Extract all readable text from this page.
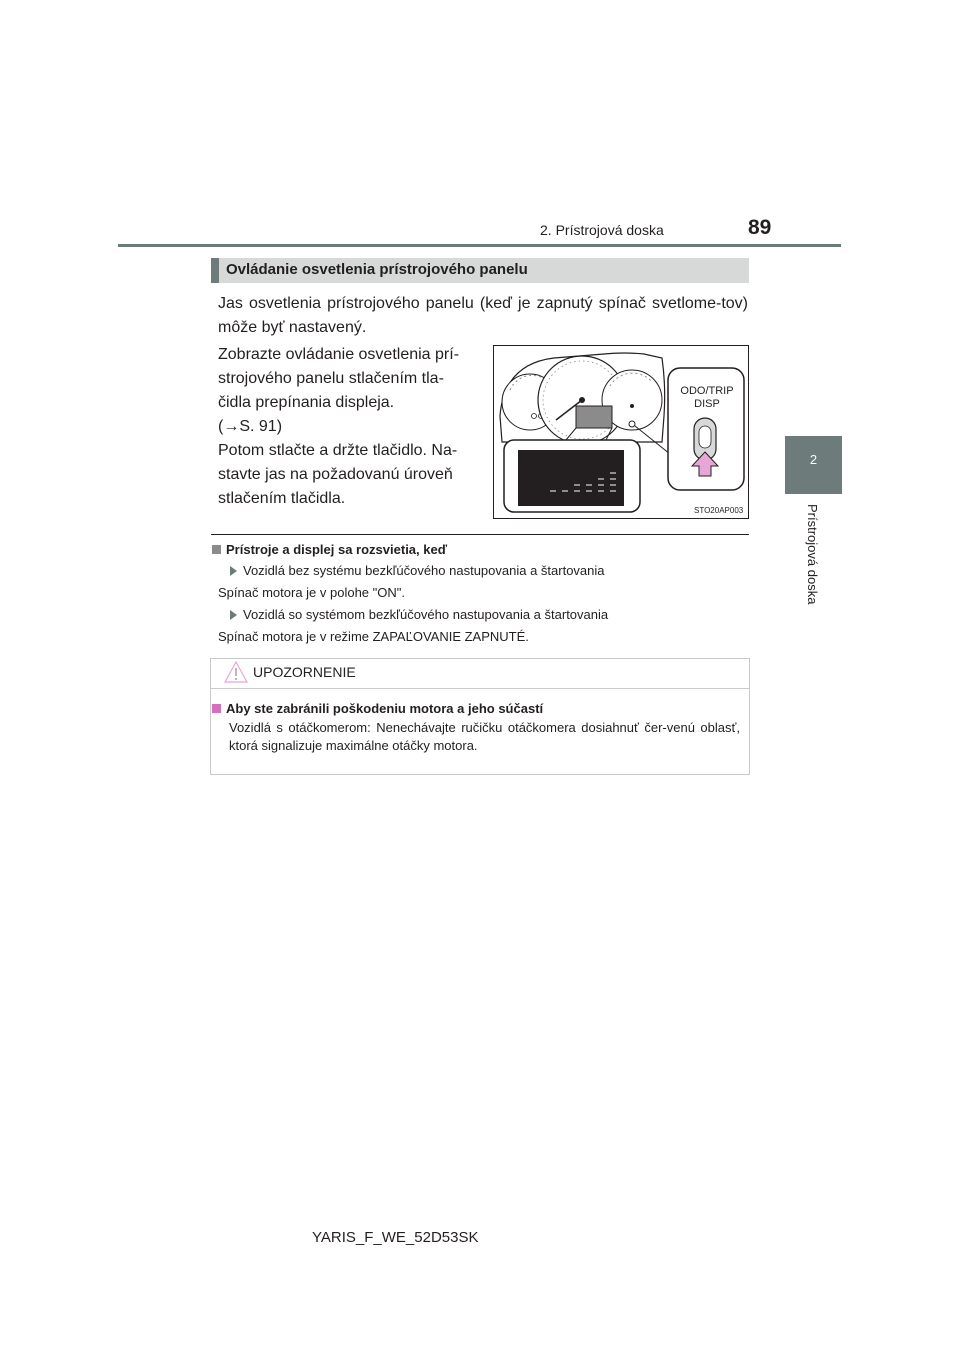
2. Prístrojová doska	89
2
Prístrojová doska
Ovládanie osvetlenia prístrojového panelu
Jas osvetlenia prístrojového panelu (keď je zapnutý spínač svetlome-tov) môže byť nastavený.
Zobrazte ovládanie osvetlenia prí-
strojového panelu stlačením tla-
čidla prepínania displeja.
(→S. 91)
Potom stlačte a držte tlačidlo. Na-
stavte jas na požadovanú úroveň
stlačením tlačidla.
ODO/TRIP
DISP
STO20AP003
Prístroje a displej sa rozsvietia, keď
Vozidlá bez systému bezkľúčového nastupovania a štartovania
Spínač motora je v polohe "ON".
Vozidlá so systémom bezkľúčového nastupovania a štartovania
Spínač motora je v režime ZAPAĽOVANIE ZAPNUTÉ.
UPOZORNENIE
Aby ste zabránili poškodeniu motora a jeho súčastí
Vozidlá s otáčkomerom: Nenechávajte ručičku otáčkomera dosiahnuť čer-venú oblasť, ktorá signalizuje maximálne otáčky motora.
YARIS_F_WE_52D53SK
